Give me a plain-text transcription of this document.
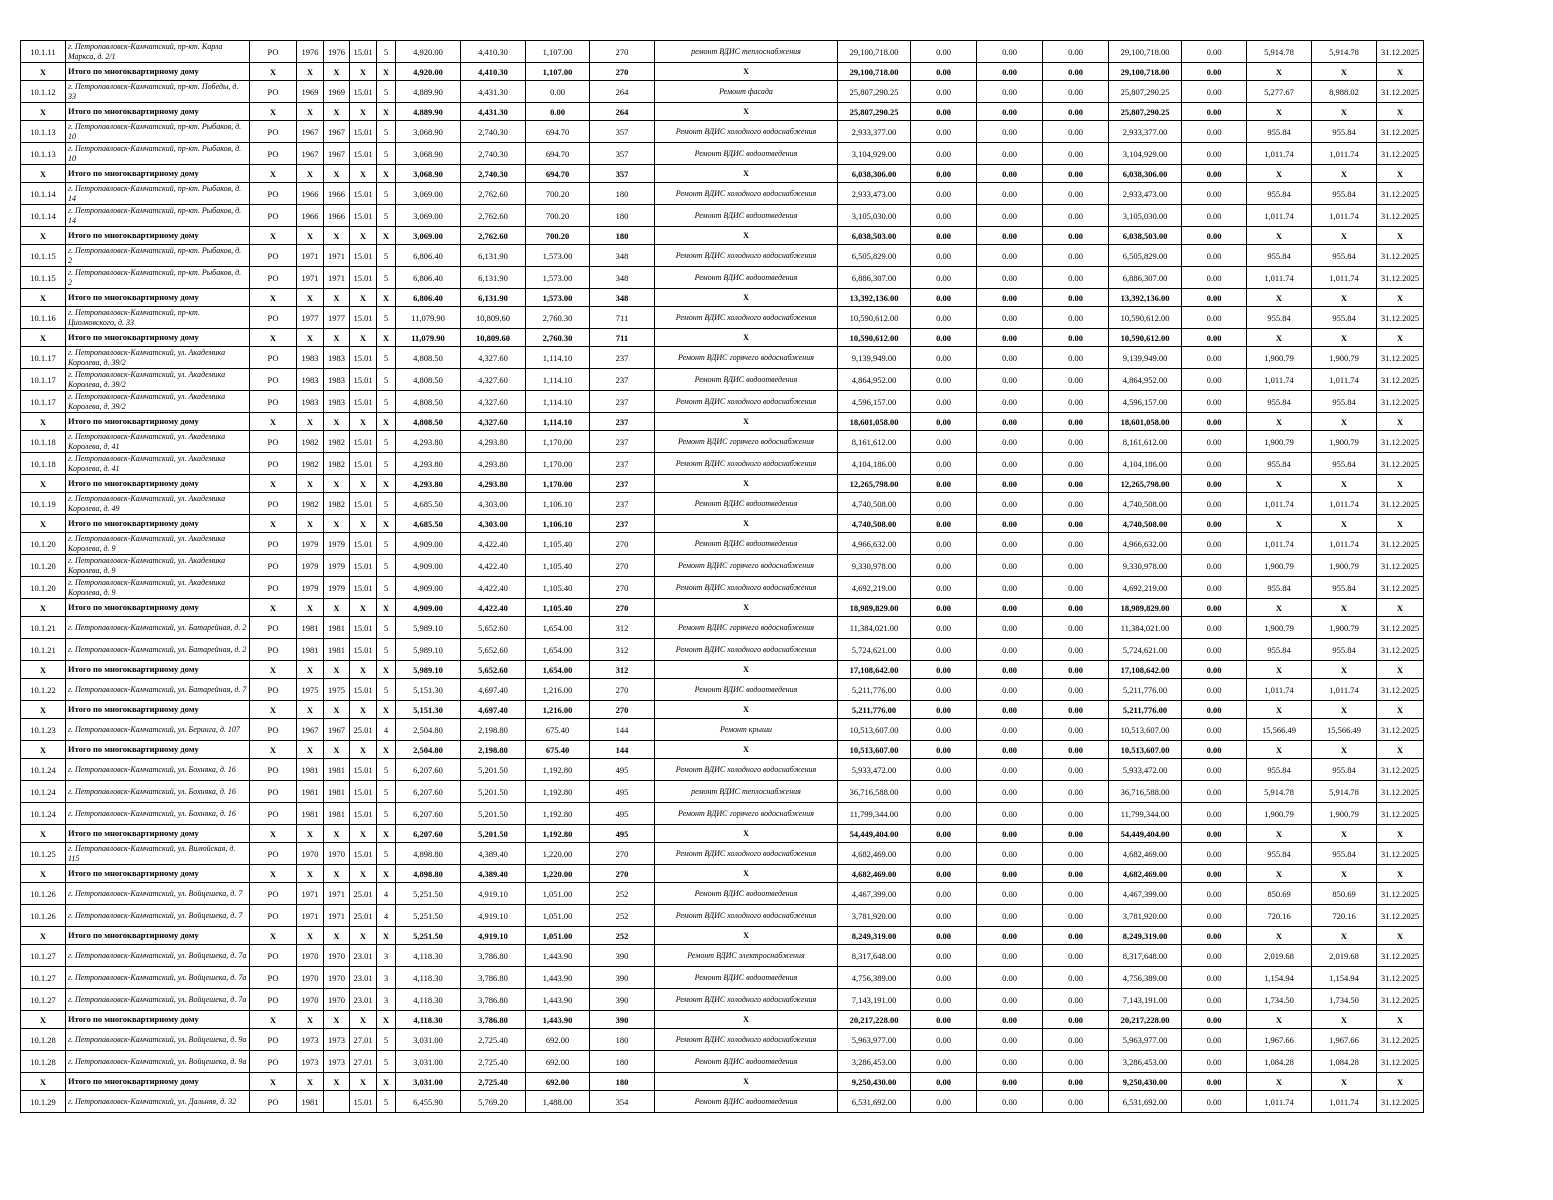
10.1.11	г. Петропавловск-Камчатский, пр-кт. Карла Маркса, д. 2/1	РО	1976	1976	15.01	5	4,920.00	4,410.30	1,107.00	270	ремонт ВДИС теплоснабжения	29,100,718.00	0.00	0.00	0.00	29,100,718.00	0.00	5,914.78	5,914.78	31.12.2025
X	Итого по многоквартирному дому	X	X	X	X	X	4,920.00	4,410.30	1,107.00	270	X	29,100,718.00	0.00	0.00	0.00	29,100,718.00	0.00	X	X	X
10.1.12	г. Петропавловск-Камчатский, пр-кт. Победы, д. 33	РО	1969	1969	15.01	5	4,889.90	4,431.30	0.00	264	Ремонт фасада	25,807,290.25	0.00	0.00	0.00	25,807,290.25	0.00	5,277.67	8,988.02	31.12.2025
X	Итого по многоквартирному дому	X	X	X	X	X	4,889.90	4,431.30	0.00	264	X	25,807,290.25	0.00	0.00	0.00	25,807,290.25	0.00	X	X	X
10.1.13	г. Петропавловск-Камчатский, пр-кт. Рыбаков, д. 10	РО	1967	1967	15.01	5	3,068.90	2,740.30	694.70	357	Ремонт ВДИС холодного водоснабжения	2,933,377.00	0.00	0.00	0.00	2,933,377.00	0.00	955.84	955.84	31.12.2025
10.1.13	г. Петропавловск-Камчатский, пр-кт. Рыбаков, д. 10	РО	1967	1967	15.01	5	3,068.90	2,740.30	694.70	357	Ремонт ВДИС водоотведения	3,104,929.00	0.00	0.00	0.00	3,104,929.00	0.00	1,011.74	1,011.74	31.12.2025
X	Итого по многоквартирному дому	X	X	X	X	X	3,068.90	2,740.30	694.70	357	X	6,038,306.00	0.00	0.00	0.00	6,038,306.00	0.00	X	X	X
10.1.14	г. Петропавловск-Камчатский, пр-кт. Рыбаков, д. 14	РО	1966	1966	15.01	5	3,069.00	2,762.60	700.20	180	Ремонт ВДИС холодного водоснабжения	2,933,473.00	0.00	0.00	0.00	2,933,473.00	0.00	955.84	955.84	31.12.2025
10.1.14	г. Петропавловск-Камчатский, пр-кт. Рыбаков, д. 14	РО	1966	1966	15.01	5	3,069.00	2,762.60	700.20	180	Ремонт ВДИС водоотведения	3,105,030.00	0.00	0.00	0.00	3,105,030.00	0.00	1,011.74	1,011.74	31.12.2025
X	Итого по многоквартирному дому	X	X	X	X	X	3,069.00	2,762.60	700.20	180	X	6,038,503.00	0.00	0.00	0.00	6,038,503.00	0.00	X	X	X
10.1.15	г. Петропавловск-Камчатский, пр-кт. Рыбаков, д. 2	РО	1971	1971	15.01	5	6,806.40	6,131.90	1,573.00	348	Ремонт ВДИС холодного водоснабжения	6,505,829.00	0.00	0.00	0.00	6,505,829.00	0.00	955.84	955.84	31.12.2025
10.1.15	г. Петропавловск-Камчатский, пр-кт. Рыбаков, д. 2	РО	1971	1971	15.01	5	6,806.40	6,131.90	1,573.00	348	Ремонт ВДИС водоотведения	6,886,307.00	0.00	0.00	0.00	6,886,307.00	0.00	1,011.74	1,011.74	31.12.2025
X	Итого по многоквартирному дому	X	X	X	X	X	6,806.40	6,131.90	1,573.00	348	X	13,392,136.00	0.00	0.00	0.00	13,392,136.00	0.00	X	X	X
10.1.16	г. Петропавловск-Камчатский, пр-кт. Циолковского, д. 33	РО	1977	1977	15.01	5	11,079.90	10,809.60	2,760.30	711	Ремонт ВДИС холодного водоснабжения	10,590,612.00	0.00	0.00	0.00	10,590,612.00	0.00	955.84	955.84	31.12.2025
X	Итого по многоквартирному дому	X	X	X	X	X	11,079.90	10,809.60	2,760.30	711	X	10,590,612.00	0.00	0.00	0.00	10,590,612.00	0.00	X	X	X
10.1.17	г. Петропавловск-Камчатский, ул. Академика Королева, д. 39/2	РО	1983	1983	15.01	5	4,808.50	4,327.60	1,114.10	237	Ремонт ВДИС горячего водоснабжения	9,139,949.00	0.00	0.00	0.00	9,139,949.00	0.00	1,900.79	1,900.79	31.12.2025
10.1.17	г. Петропавловск-Камчатский, ул. Академика Королева, д. 39/2	РО	1983	1983	15.01	5	4,808.50	4,327.60	1,114.10	237	Ремонт ВДИС водоотведения	4,864,952.00	0.00	0.00	0.00	4,864,952.00	0.00	1,011.74	1,011.74	31.12.2025
10.1.17	г. Петропавловск-Камчатский, ул. Академика Королева, д. 39/2	РО	1983	1983	15.01	5	4,808.50	4,327.60	1,114.10	237	Ремонт ВДИС холодного водоснабжения	4,596,157.00	0.00	0.00	0.00	4,596,157.00	0.00	955.84	955.84	31.12.2025
X	Итого по многоквартирному дому	X	X	X	X	X	4,808.50	4,327.60	1,114.10	237	X	18,601,058.00	0.00	0.00	0.00	18,601,058.00	0.00	X	X	X
10.1.18	г. Петропавловск-Камчатский, ул. Академика Королева, д. 41	РО	1982	1982	15.01	5	4,293.80	4,293.80	1,170.00	237	Ремонт ВДИС горячего водоснабжения	8,161,612.00	0.00	0.00	0.00	8,161,612.00	0.00	1,900.79	1,900.79	31.12.2025
10.1.18	г. Петропавловск-Камчатский, ул. Академика Королева, д. 41	РО	1982	1982	15.01	5	4,293.80	4,293.80	1,170.00	237	Ремонт ВДИС холодного водоснабжения	4,104,186.00	0.00	0.00	0.00	4,104,186.00	0.00	955.84	955.84	31.12.2025
X	Итого по многоквартирному дому	X	X	X	X	X	4,293.80	4,293.80	1,170.00	237	X	12,265,798.00	0.00	0.00	0.00	12,265,798.00	0.00	X	X	X
10.1.19	г. Петропавловск-Камчатский, ул. Академика Королева, д. 49	РО	1982	1982	15.01	5	4,685.50	4,303.00	1,106.10	237	Ремонт ВДИС водоотведения	4,740,508.00	0.00	0.00	0.00	4,740,508.00	0.00	1,011.74	1,011.74	31.12.2025
X	Итого по многоквартирному дому	X	X	X	X	X	4,685.50	4,303.00	1,106.10	237	X	4,740,508.00	0.00	0.00	0.00	4,740,508.00	0.00	X	X	X
10.1.20	г. Петропавловск-Камчатский, ул. Академика Королева, д. 9	РО	1979	1979	15.01	5	4,909.00	4,422.40	1,105.40	270	Ремонт ВДИС водоотведения	4,966,632.00	0.00	0.00	0.00	4,966,632.00	0.00	1,011.74	1,011.74	31.12.2025
10.1.20	г. Петропавловск-Камчатский, ул. Академика Королева, д. 9	РО	1979	1979	15.01	5	4,909.00	4,422.40	1,105.40	270	Ремонт ВДИС горячего водоснабжения	9,330,978.00	0.00	0.00	0.00	9,330,978.00	0.00	1,900.79	1,900.79	31.12.2025
10.1.20	г. Петропавловск-Камчатский, ул. Академика Королева, д. 9	РО	1979	1979	15.01	5	4,909.00	4,422.40	1,105.40	270	Ремонт ВДИС холодного водоснабжения	4,692,219.00	0.00	0.00	0.00	4,692,219.00	0.00	955.84	955.84	31.12.2025
X	Итого по многоквартирному дому	X	X	X	X	X	4,909.00	4,422.40	1,105.40	270	X	18,989,829.00	0.00	0.00	0.00	18,989,829.00	0.00	X	X	X
10.1.21	г. Петропавловск-Камчатский, ул. Батарейная, д. 2	РО	1981	1981	15.01	5	5,989.10	5,652.60	1,654.00	312	Ремонт ВДИС горячего водоснабжения	11,384,021.00	0.00	0.00	0.00	11,384,021.00	0.00	1,900.79	1,900.79	31.12.2025
10.1.21	г. Петропавловск-Камчатский, ул. Батарейная, д. 2	РО	1981	1981	15.01	5	5,989.10	5,652.60	1,654.00	312	Ремонт ВДИС холодного водоснабжения	5,724,621.00	0.00	0.00	0.00	5,724,621.00	0.00	955.84	955.84	31.12.2025
X	Итого по многоквартирному дому	X	X	X	X	X	5,989.10	5,652.60	1,654.00	312	X	17,108,642.00	0.00	0.00	0.00	17,108,642.00	0.00	X	X	X
10.1.22	г. Петропавловск-Камчатский, ул. Батарейная, д. 7	РО	1975	1975	15.01	5	5,151.30	4,697.40	1,216.00	270	Ремонт ВДИС водоотведения	5,211,776.00	0.00	0.00	0.00	5,211,776.00	0.00	1,011.74	1,011.74	31.12.2025
X	Итого по многоквартирному дому	X	X	X	X	X	5,151.30	4,697.40	1,216.00	270	X	5,211,776.00	0.00	0.00	0.00	5,211,776.00	0.00	X	X	X
10.1.23	г. Петропавловск-Камчатский, ул. Беринга, д. 107	РО	1967	1967	25.01	4	2,504.80	2,198.80	675.40	144	Ремонт крыши	10,513,607.00	0.00	0.00	0.00	10,513,607.00	0.00	15,566.49	15,566.49	31.12.2025
X	Итого по многоквартирному дому	X	X	X	X	X	2,504.80	2,198.80	675.40	144	X	10,513,607.00	0.00	0.00	0.00	10,513,607.00	0.00	X	X	X
10.1.24	г. Петропавловск-Камчатский, ул. Бохняка, д. 16	РО	1981	1981	15.01	5	6,207.60	5,201.50	1,192.80	495	Ремонт ВДИС холодного водоснабжения	5,933,472.00	0.00	0.00	0.00	5,933,472.00	0.00	955.84	955.84	31.12.2025
10.1.24	г. Петропавловск-Камчатский, ул. Бохняка, д. 16	РО	1981	1981	15.01	5	6,207.60	5,201.50	1,192.80	495	ремонт ВДИС теплоснабжения	36,716,588.00	0.00	0.00	0.00	36,716,588.00	0.00	5,914.78	5,914.78	31.12.2025
10.1.24	г. Петропавловск-Камчатский, ул. Бохняка, д. 16	РО	1981	1981	15.01	5	6,207.60	5,201.50	1,192.80	495	Ремонт ВДИС горячего водоснабжения	11,799,344.00	0.00	0.00	0.00	11,799,344.00	0.00	1,900.79	1,900.79	31.12.2025
X	Итого по многоквартирному дому	X	X	X	X	X	6,207.60	5,201.50	1,192.80	495	X	54,449,404.00	0.00	0.00	0.00	54,449,404.00	0.00	X	X	X
10.1.25	г. Петропавловск-Камчатский, ул. Вилюйская, д. 115	РО	1970	1970	15.01	5	4,898.80	4,389.40	1,220.00	270	Ремонт ВДИС холодного водоснабжения	4,682,469.00	0.00	0.00	0.00	4,682,469.00	0.00	955.84	955.84	31.12.2025
X	Итого по многоквартирному дому	X	X	X	X	X	4,898.80	4,389.40	1,220.00	270	X	4,682,469.00	0.00	0.00	0.00	4,682,469.00	0.00	X	X	X
10.1.26	г. Петропавловск-Камчатский, ул. Войцешека, д. 7	РО	1971	1971	25.01	4	5,251.50	4,919.10	1,051.00	252	Ремонт ВДИС водоотведения	4,467,399.00	0.00	0.00	0.00	4,467,399.00	0.00	850.69	850.69	31.12.2025
10.1.26	г. Петропавловск-Камчатский, ул. Войцешека, д. 7	РО	1971	1971	25.01	4	5,251.50	4,919.10	1,051.00	252	Ремонт ВДИС холодного водоснабжения	3,781,920.00	0.00	0.00	0.00	3,781,920.00	0.00	720.16	720.16	31.12.2025
X	Итого по многоквартирному дому	X	X	X	X	X	5,251.50	4,919.10	1,051.00	252	X	8,249,319.00	0.00	0.00	0.00	8,249,319.00	0.00	X	X	X
10.1.27	г. Петропавловск-Камчатский, ул. Войцешека, д. 7а	РО	1970	1970	23.01	3	4,118.30	3,786.80	1,443.90	390	Ремонт ВДИС электроснабжения	8,317,648.00	0.00	0.00	0.00	8,317,648.00	0.00	2,019.68	2,019.68	31.12.2025
10.1.27	г. Петропавловск-Камчатский, ул. Войцешека, д. 7а	РО	1970	1970	23.01	3	4,118.30	3,786.80	1,443.90	390	Ремонт ВДИС водоотведения	4,756,389.00	0.00	0.00	0.00	4,756,389.00	0.00	1,154.94	1,154.94	31.12.2025
10.1.27	г. Петропавловск-Камчатский, ул. Войцешека, д. 7а	РО	1970	1970	23.01	3	4,118.30	3,786.80	1,443.90	390	Ремонт ВДИС холодного водоснабжения	7,143,191.00	0.00	0.00	0.00	7,143,191.00	0.00	1,734.50	1,734.50	31.12.2025
X	Итого по многоквартирному дому	X	X	X	X	X	4,118.30	3,786.80	1,443.90	390	X	20,217,228.00	0.00	0.00	0.00	20,217,228.00	0.00	X	X	X
10.1.28	г. Петропавловск-Камчатский, ул. Войцешека, д. 9а	РО	1973	1973	27.01	5	3,031.00	2,725.40	692.00	180	Ремонт ВДИС холодного водоснабжения	5,963,977.00	0.00	0.00	0.00	5,963,977.00	0.00	1,967.66	1,967.66	31.12.2025
10.1.28	г. Петропавловск-Камчатский, ул. Войцешека, д. 9а	РО	1973	1973	27.01	5	3,031.00	2,725.40	692.00	180	Ремонт ВДИС водоотведения	3,286,453.00	0.00	0.00	0.00	3,286,453.00	0.00	1,084.28	1,084.28	31.12.2025
X	Итого по многоквартирному дому	X	X	X	X	X	3,031.00	2,725.40	692.00	180	X	9,250,430.00	0.00	0.00	0.00	9,250,430.00	0.00	X	X	X
10.1.29	г. Петропавловск-Камчатский, ул. Дальняя, д. 32	РО	1981		15.01	5	6,455.90	5,769.20	1,488.00	354	Ремонт ВДИС водоотведения	6,531,692.00	0.00	0.00	0.00	6,531,692.00	0.00	1,011.74	1,011.74	31.12.2025
